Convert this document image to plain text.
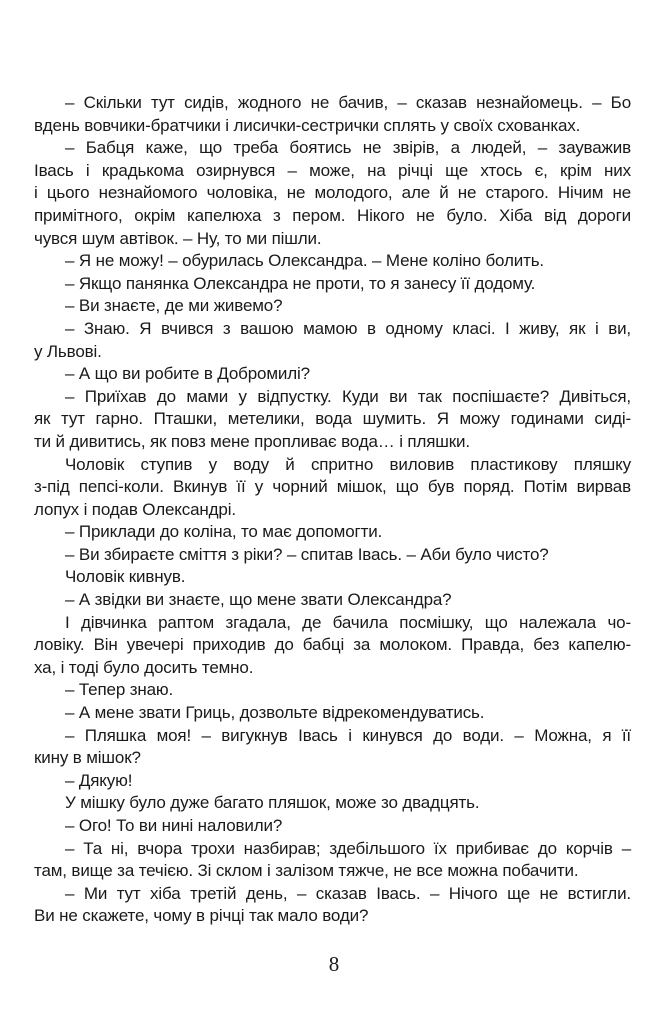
– Скільки тут сидів, жодного не бачив, – сказав незнайомець. – Бо
вдень вовчики-братчики і лисички-сестрички сплять у своїх схованках.
– Бабця каже, що треба боятись не звірів, а людей, – зауважив
Івась і крадькома озирнувся – може, на річці ще хтось є, крім них
і цього незнайомого чоловіка, не молодого, але й не старого. Нічим не
примітного, окрім капелюха з пером. Нікого не було. Хіба від дороги
чувся шум автівок. – Ну, то ми пішли.
– Я не можу! – обурилась Олександра. – Мене коліно болить.
– Якщо панянка Олександра не проти, то я занесу її додому.
– Ви знаєте, де ми живемо?
– Знаю. Я вчився з вашою мамою в одному класі. І живу, як і ви,
у Львові.
– А що ви робите в Добромилі?
– Приїхав до мами у відпустку. Куди ви так поспішаєте? Дивіться,
як тут гарно. Пташки, метелики, вода шумить. Я можу годинами сиді-
ти й дивитись, як повз мене пропливає вода… і пляшки.
Чоловік ступив у воду й спритно виловив пластикову пляшку
з-під пепсі-коли. Вкинув її у чорний мішок, що був поряд. Потім вирвав
лопух і подав Олександрі.
– Приклади до коліна, то має допомогти.
– Ви збираєте сміття з ріки? – спитав Івась. – Аби було чисто?
Чоловік кивнув.
– А звідки ви знаєте, що мене звати Олександра?
І дівчинка раптом згадала, де бачила посмішку, що належала чо-
ловіку. Він увечері приходив до бабці за молоком. Правда, без капелю-
ха, і тоді було досить темно.
– Тепер знаю.
– А мене звати Гриць, дозвольте відрекомендуватись.
– Пляшка моя! – вигукнув Івась і кинувся до води. – Можна, я її
кину в мішок?
– Дякую!
У мішку було дуже багато пляшок, може зо двадцять.
– Ого! То ви нині наловили?
– Та ні, вчора трохи назбирав; здебільшого їх прибиває до корчів –
там, вище за течією. Зі склом і залізом тяжче, не все можна побачити.
– Ми тут хіба третій день, – сказав Івась. – Нічого ще не встигли.
Ви не скажете, чому в річці так мало води?
8
